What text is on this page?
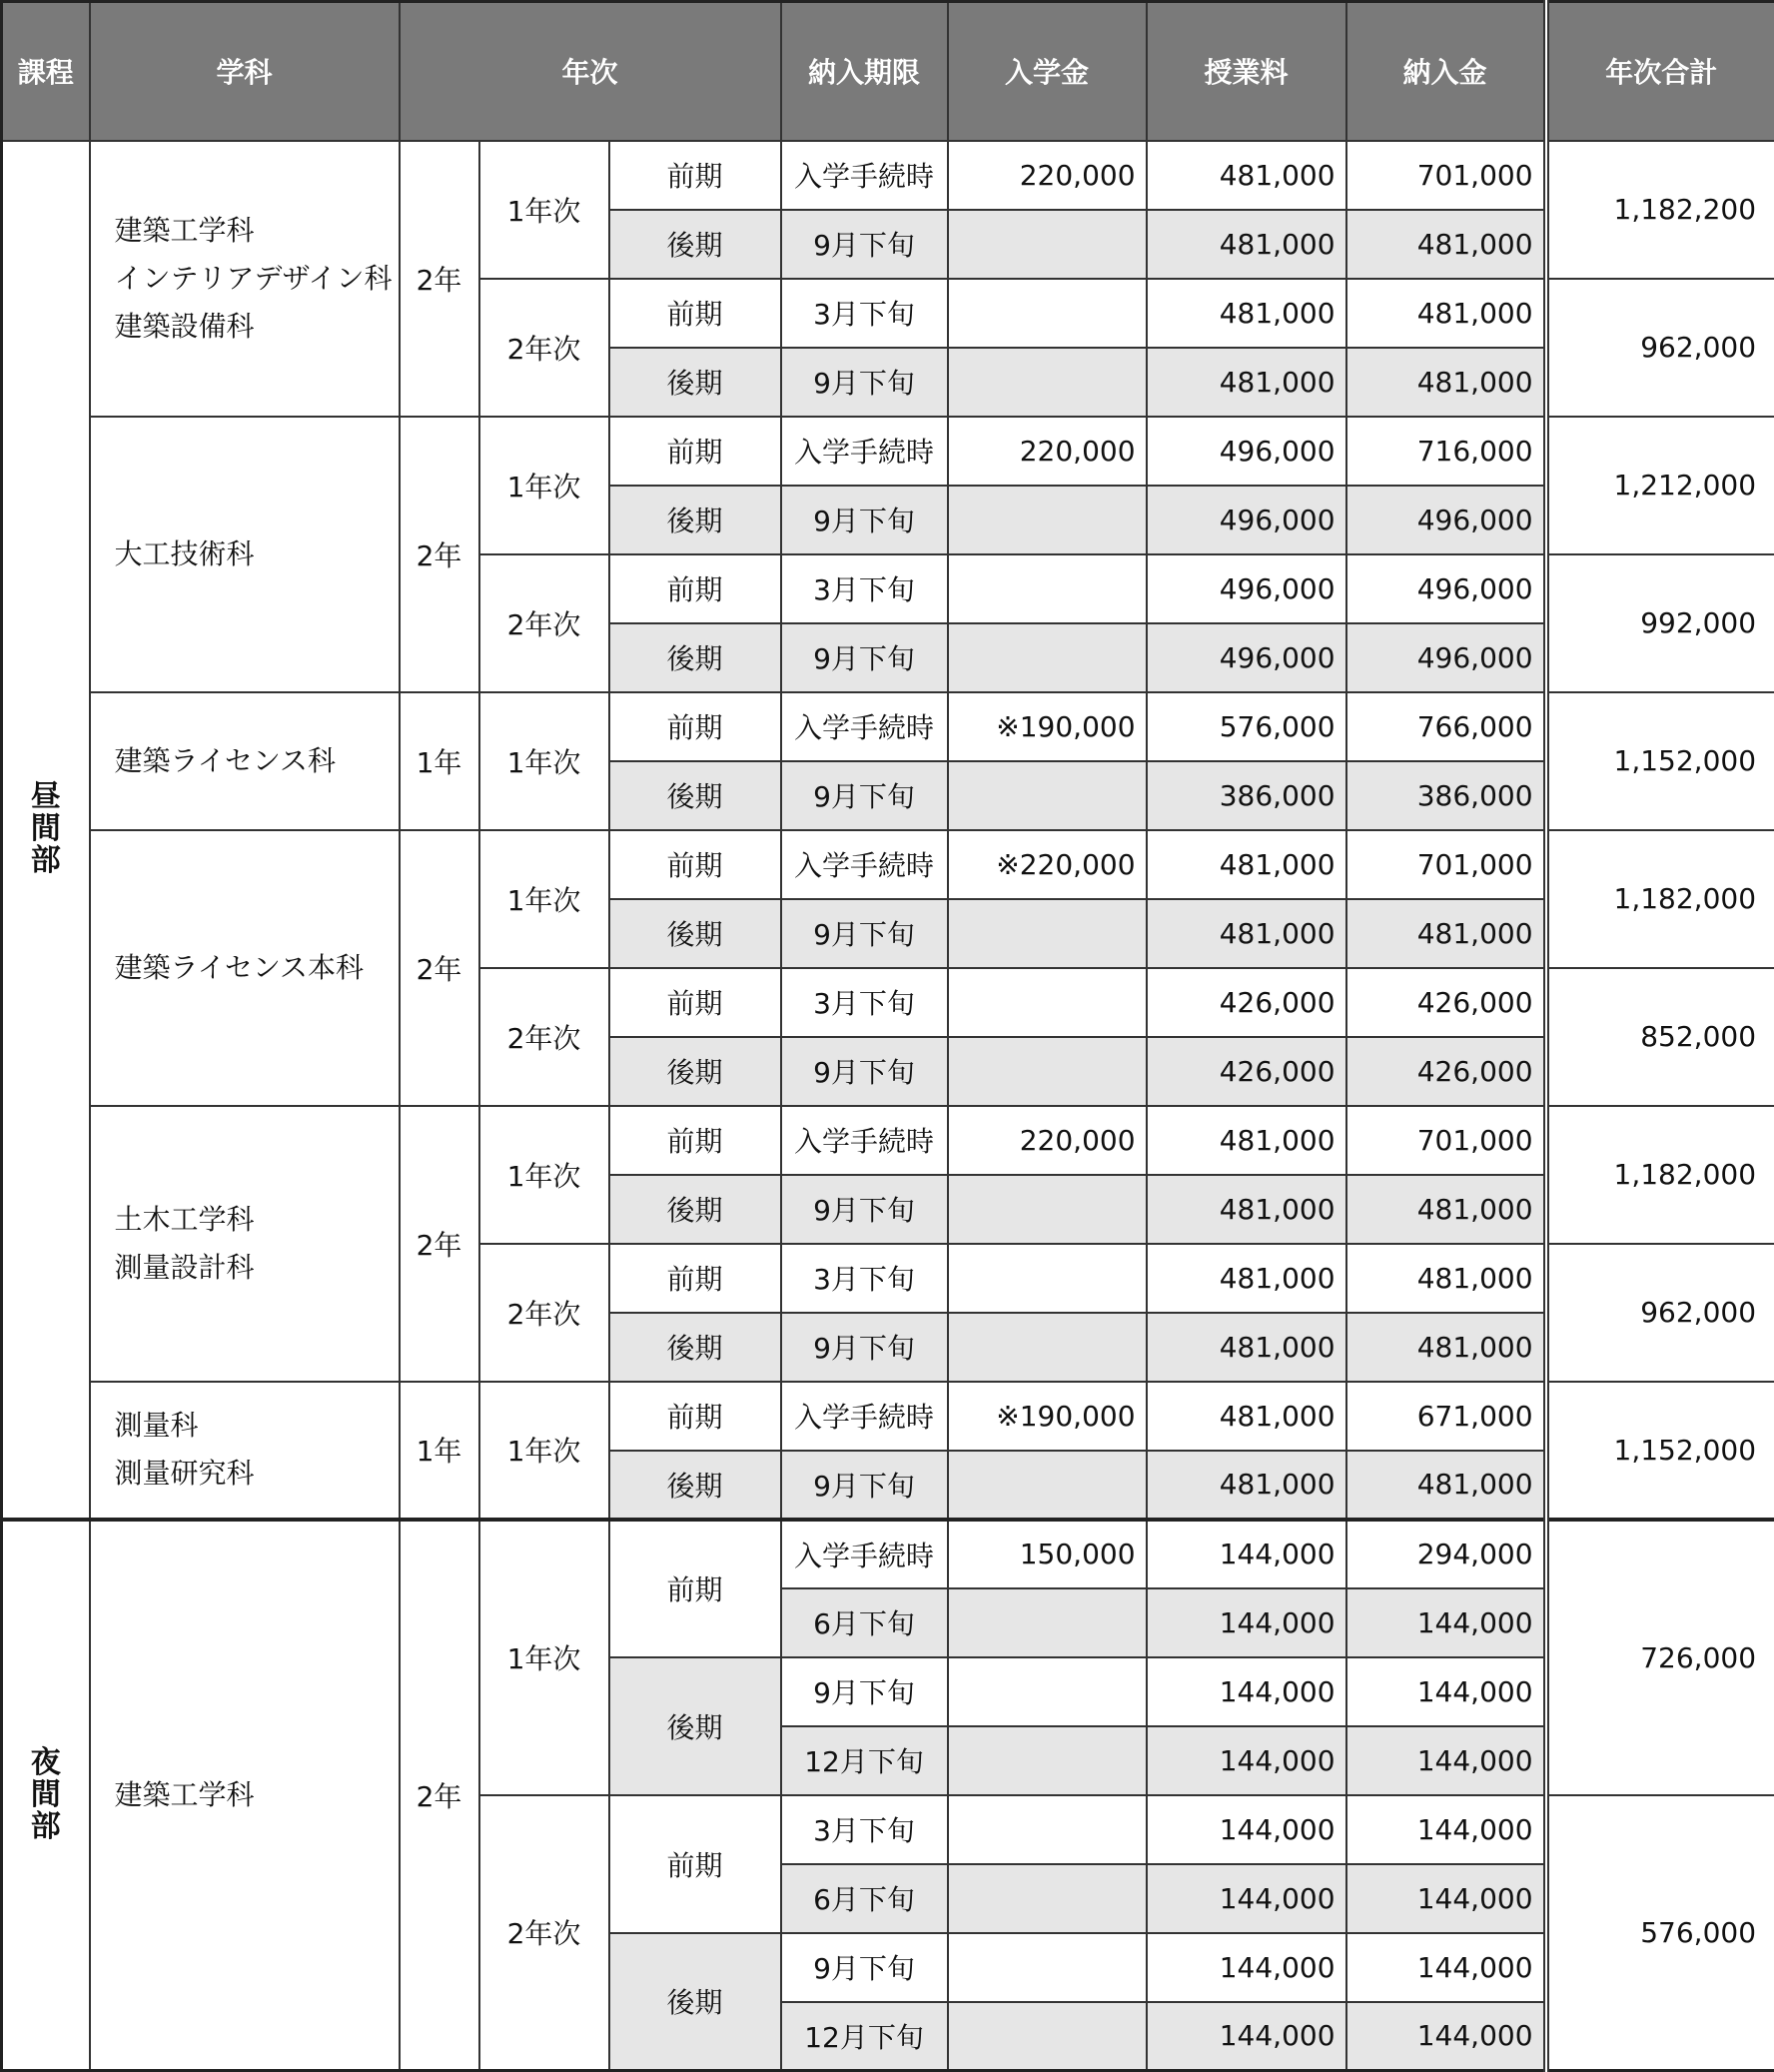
課程	学科	年次			納入期限	入学金	授業料	納入金	年次合計

昼
間
部	建築工学科
インテリアデザイン科
建築設備科	2年	1年次	前期	入学手続時	220,000	481,000	701,000	1,182,200
				後期	9月下旬		481,000	481,000	
			2年次	前期	3月下旬		481,000	481,000	962,000
				後期	9月下旬		481,000	481,000	

	大工技術科	2年	1年次	前期	入学手続時	220,000	496,000	716,000	1,212,000
				後期	9月下旬		496,000	496,000	
			2年次	前期	3月下旬		496,000	496,000	992,000
				後期	9月下旬		496,000	496,000	

	建築ライセンス科	1年	1年次	前期	入学手続時	※190,000	576,000	766,000	1,152,000
				後期	9月下旬		386,000	386,000	

	建築ライセンス本科	2年	1年次	前期	入学手続時	※220,000	481,000	701,000	1,182,000
				後期	9月下旬		481,000	481,000	
			2年次	前期	3月下旬		426,000	426,000	852,000
				後期	9月下旬		426,000	426,000	

	土木工学科
測量設計科	2年	1年次	前期	入学手続時	220,000	481,000	701,000	1,182,000
				後期	9月下旬		481,000	481,000	
			2年次	前期	3月下旬		481,000	481,000	962,000
				後期	9月下旬		481,000	481,000	

	測量科
測量研究科	1年	1年次	前期	入学手続時	※190,000	481,000	671,000	1,152,000
				後期	9月下旬		481,000	481,000	

夜
間
部	建築工学科	2年	1年次	前期	入学手続時	150,000	144,000	294,000	726,000
					6月下旬		144,000	144,000	
				後期	9月下旬		144,000	144,000	
					12月下旬		144,000	144,000	
			2年次	前期	3月下旬		144,000	144,000	576,000
					6月下旬		144,000	144,000	
				後期	9月下旬		144,000	144,000	
					12月下旬		144,000	144,000	
